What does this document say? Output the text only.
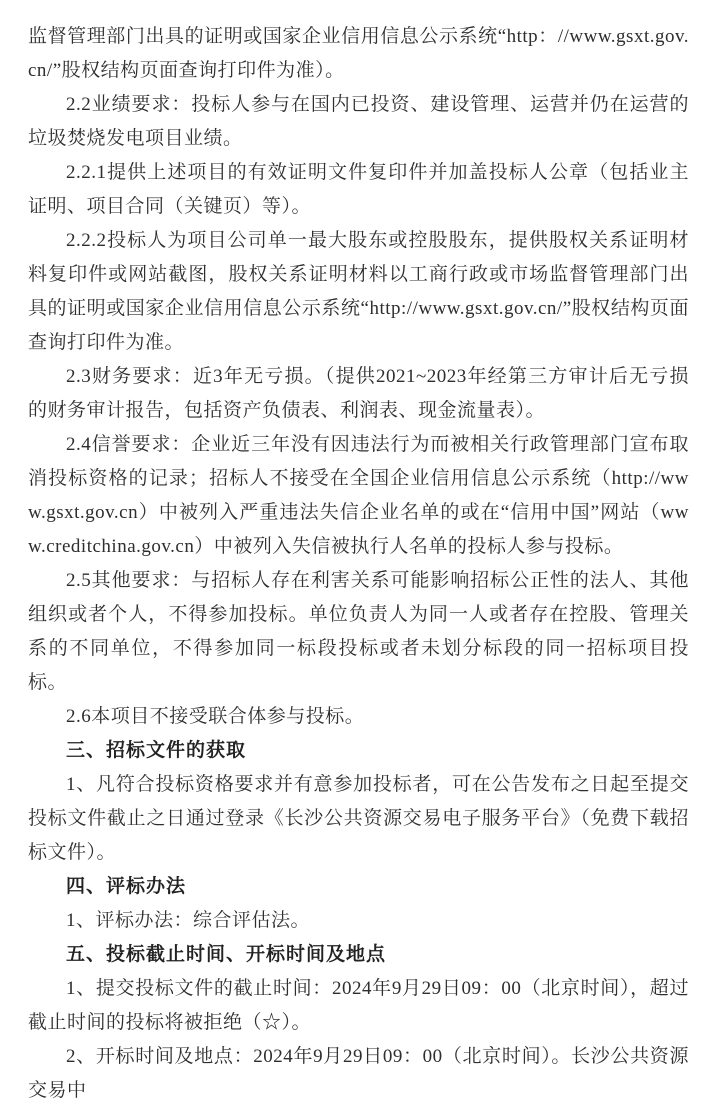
监督管理部门出具的证明或国家企业信用信息公示系统“http：//www.gsxt.gov.cn/”股权结构页面查询打印件为准）。

2.2业绩要求：投标人参与在国内已投资、建设管理、运营并仍在运营的垃圾焚烧发电项目业绩。

2.2.1提供上述项目的有效证明文件复印件并加盖投标人公章（包括业主证明、项目合同（关键页）等）。

2.2.2投标人为项目公司单一最大股东或控股股东，提供股权关系证明材料复印件或网站截图，股权关系证明材料以工商行政或市场监督管理部门出具的证明或国家企业信用信息公示系统“http://www.gsxt.gov.cn/”股权结构页面查询打印件为准。

2.3财务要求：近3年无亏损。（提供2021~2023年经第三方审计后无亏损的财务审计报告，包括资产负债表、利润表、现金流量表）。

2.4信誉要求：企业近三年没有因违法行为而被相关行政管理部门宣布取消投标资格的记录；招标人不接受在全国企业信用信息公示系统（http://www.gsxt.gov.cn）中被列入严重违法失信企业名单的或在“信用中国”网站（www.creditchina.gov.cn）中被列入失信被执行人名单的投标人参与投标。

2.5其他要求：与招标人存在利害关系可能影响招标公正性的法人、其他组织或者个人，不得参加投标。单位负责人为同一人或者存在控股、管理关系的不同单位，不得参加同一标段投标或者未划分标段的同一招标项目投标。

2.6本项目不接受联合体参与投标。

三、招标文件的获取

1、凡符合投标资格要求并有意参加投标者，可在公告发布之日起至提交投标文件截止之日通过登录《长沙公共资源交易电子服务平台》（免费下载招标文件）。

四、评标办法

1、评标办法：综合评估法。

五、投标截止时间、开标时间及地点

1、提交投标文件的截止时间：2024年9月29日09：00（北京时间），超过截止时间的投标将被拒绝（☆）。

2、开标时间及地点：2024年9月29日09：00（北京时间）。长沙公共资源交易中
